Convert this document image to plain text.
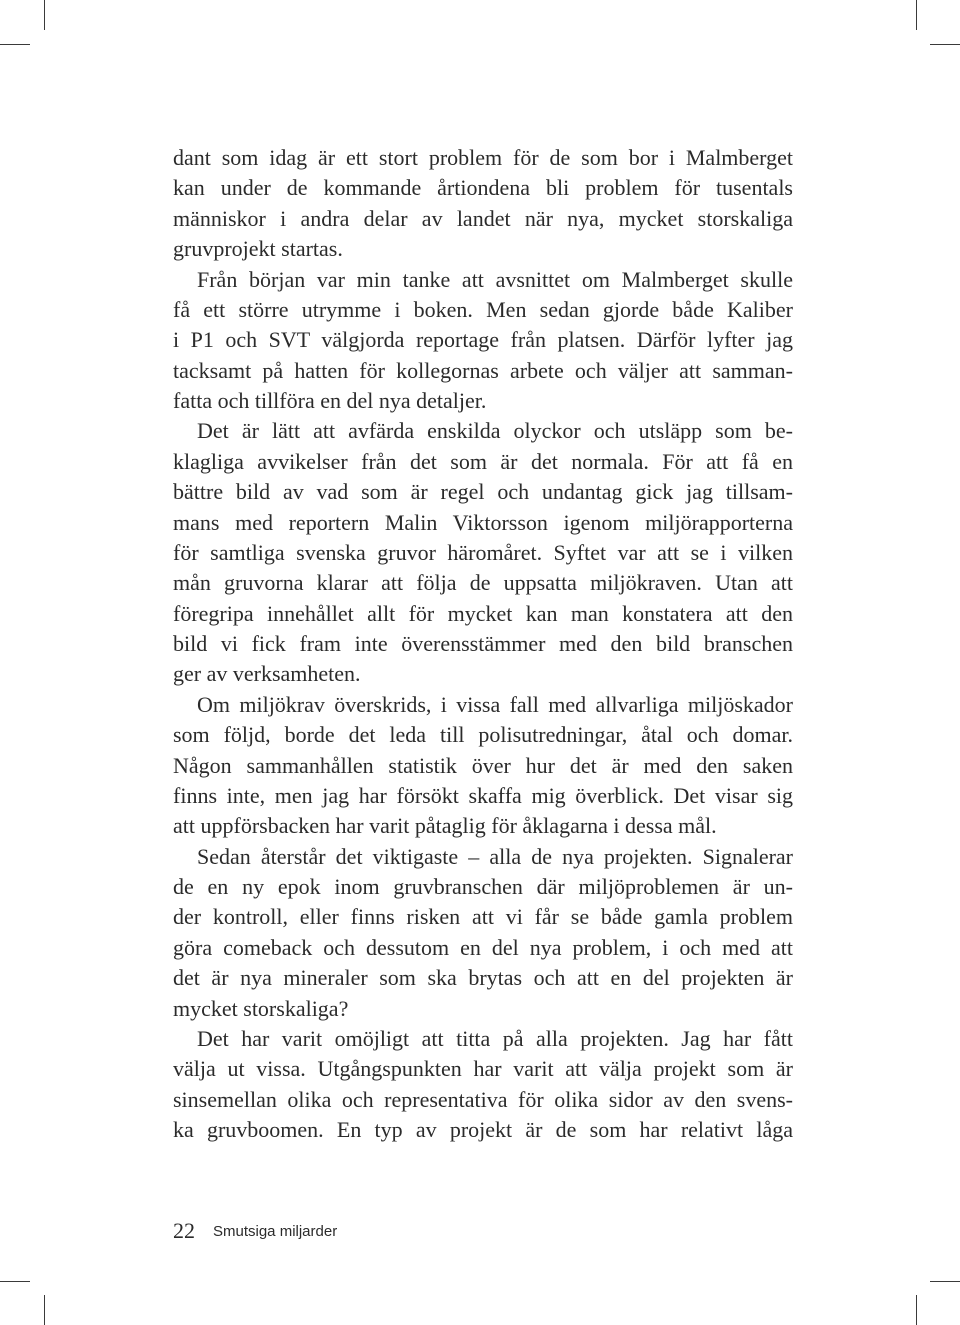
dant som idag är ett stort problem för de som bor i Malmberget
kan under de kommande årtiondena bli problem för tusentals
människor i andra delar av landet när nya, mycket storskaliga
gruvprojekt startas.
Från början var min tanke att avsnittet om Malmberget skulle
få ett större utrymme i boken. Men sedan gjorde både Kaliber
i P1 och SVT välgjorda reportage från platsen. Därför lyfter jag
tacksamt på hatten för kollegornas arbete och väljer att samman-
fatta och tillföra en del nya detaljer.
Det är lätt att avfärda enskilda olyckor och utsläpp som be-
klagliga avvikelser från det som är det normala. För att få en
bättre bild av vad som är regel och undantag gick jag tillsam-
mans med reportern Malin Viktorsson igenom miljörapporterna
för samtliga svenska gruvor häromåret. Syftet var att se i vilken
mån gruvorna klarar att följa de uppsatta miljökraven. Utan att
föregripa innehållet allt för mycket kan man konstatera att den
bild vi fick fram inte överensstämmer med den bild branschen
ger av verksamheten.
Om miljökrav överskrids, i vissa fall med allvarliga miljöskador
som följd, borde det leda till polisutredningar, åtal och domar.
Någon sammanhållen statistik över hur det är med den saken
finns inte, men jag har försökt skaffa mig överblick. Det visar sig
att uppförsbacken har varit påtaglig för åklagarna i dessa mål.
Sedan återstår det viktigaste – alla de nya projekten. Signalerar
de en ny epok inom gruvbranschen där miljöproblemen är un-
der kontroll, eller finns risken att vi får se både gamla problem
göra comeback och dessutom en del nya problem, i och med att
det är nya mineraler som ska brytas och att en del projekten är
mycket storskaliga?
Det har varit omöjligt att titta på alla projekten. Jag har fått
välja ut vissa. Utgångspunkten har varit att välja projekt som är
sinsemellan olika och representativa för olika sidor av den svens-
ka gruvboomen. En typ av projekt är de som har relativt låga
22 Smutsiga miljarder
